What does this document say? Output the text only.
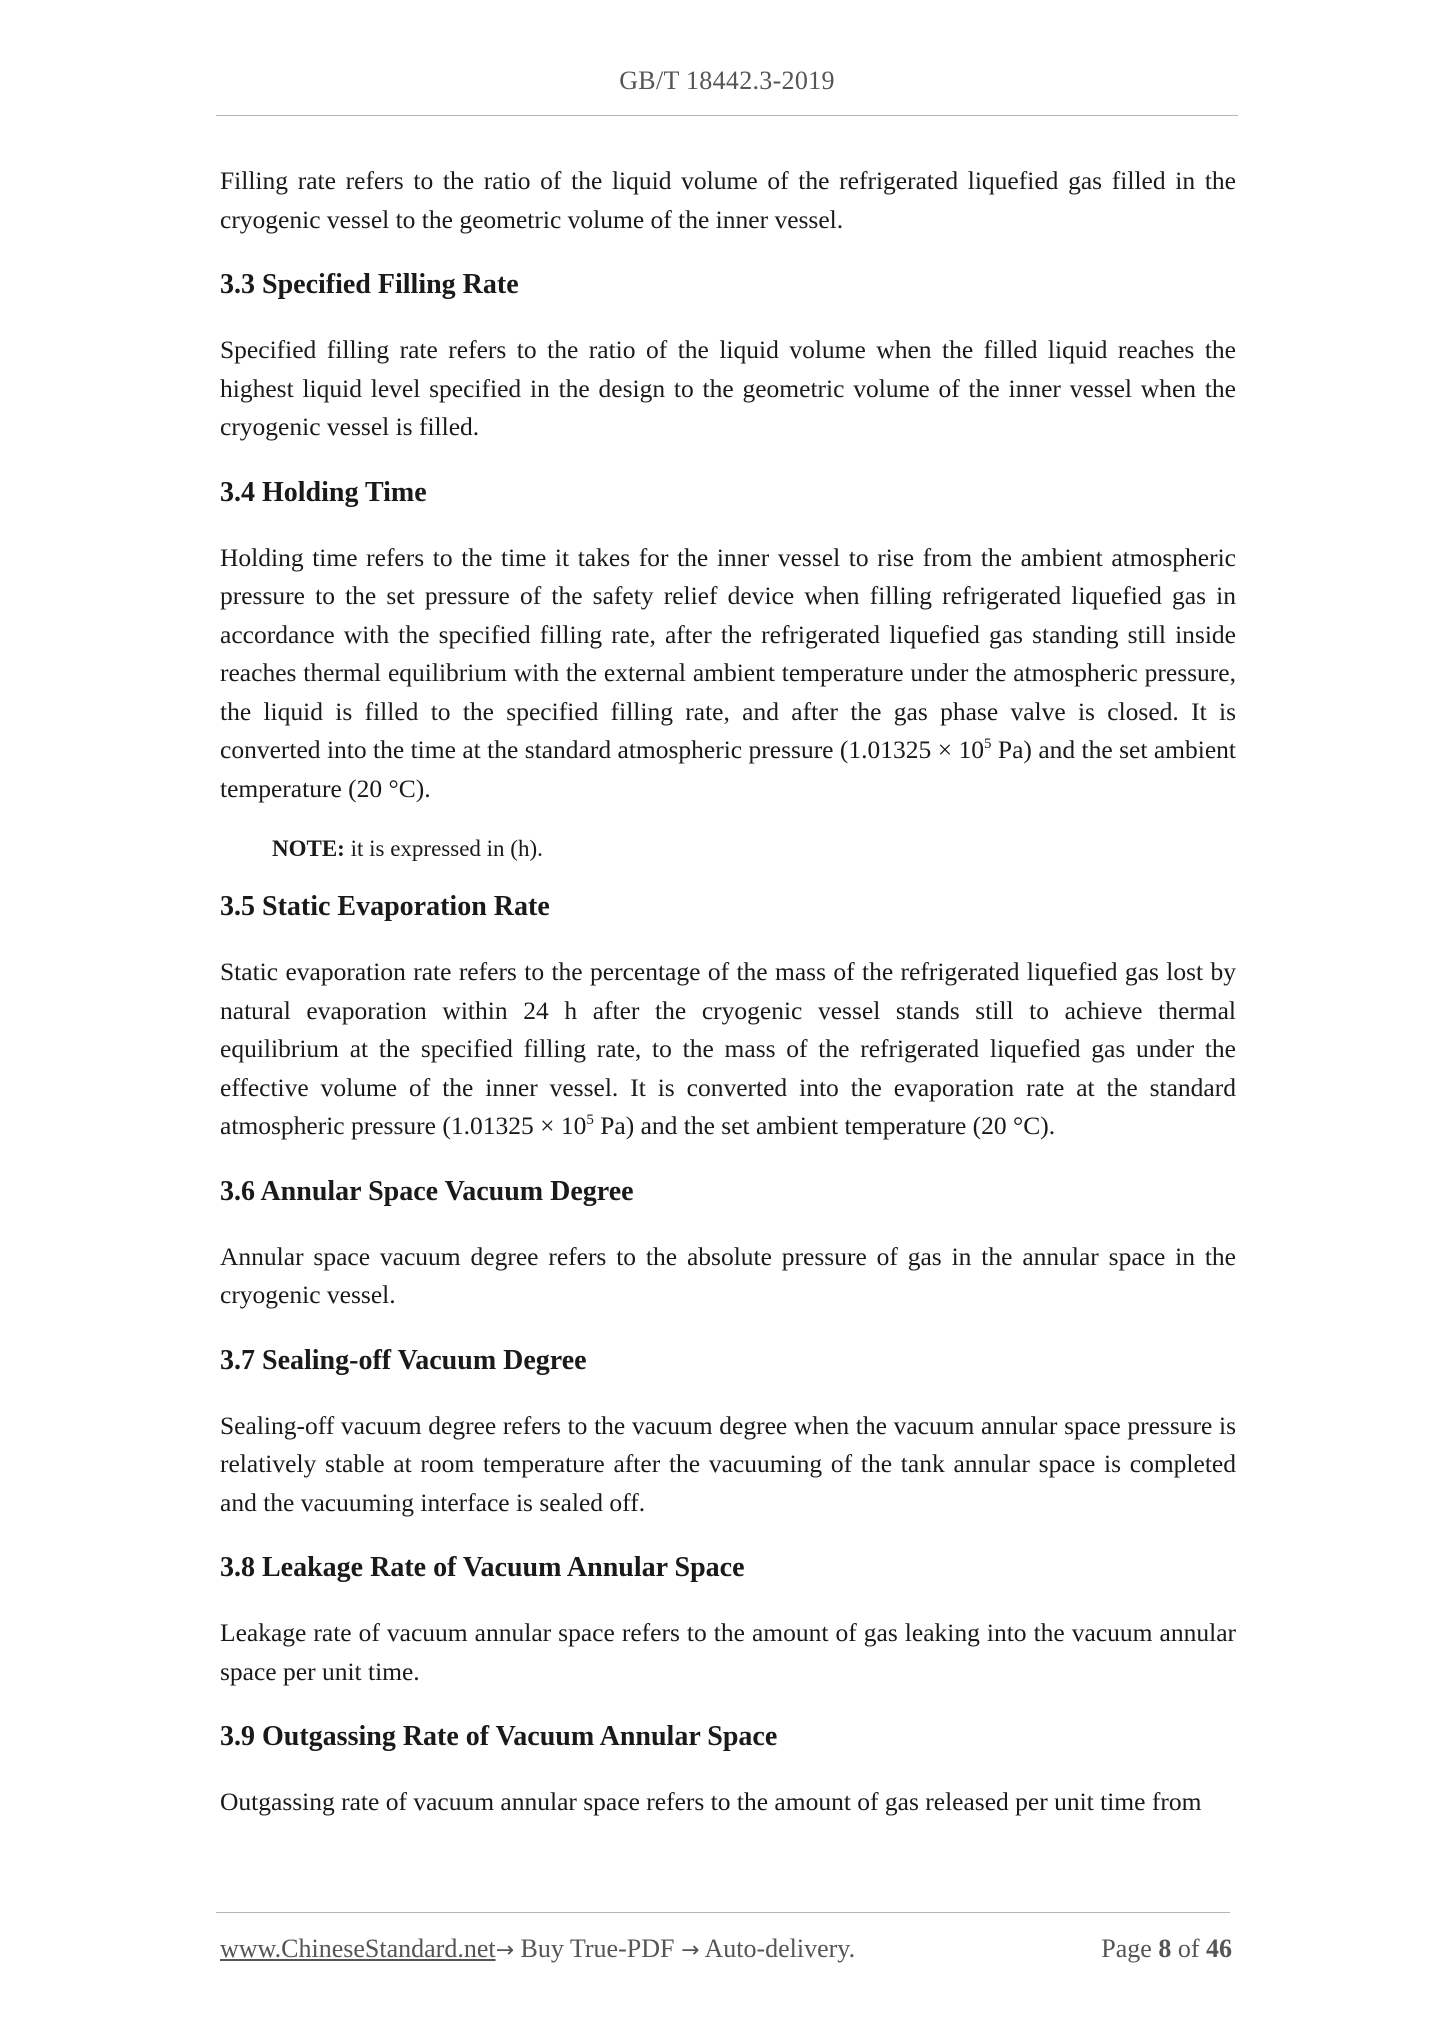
GB/T 18442.3-2019

Filling rate refers to the ratio of the liquid volume of the refrigerated liquefied gas filled in the cryogenic vessel to the geometric volume of the inner vessel.

3.3 Specified Filling Rate

Specified filling rate refers to the ratio of the liquid volume when the filled liquid reaches the highest liquid level specified in the design to the geometric volume of the inner vessel when the cryogenic vessel is filled.

3.4 Holding Time

Holding time refers to the time it takes for the inner vessel to rise from the ambient atmospheric pressure to the set pressure of the safety relief device when filling refrigerated liquefied gas in accordance with the specified filling rate, after the refrigerated liquefied gas standing still inside reaches thermal equilibrium with the external ambient temperature under the atmospheric pressure, the liquid is filled to the specified filling rate, and after the gas phase valve is closed. It is converted into the time at the standard atmospheric pressure ($1.01325 \times 10^5$ Pa) and the set ambient temperature (20 °C).

NOTE: it is expressed in (h).

3.5 Static Evaporation Rate

Static evaporation rate refers to the percentage of the mass of the refrigerated liquefied gas lost by natural evaporation within 24 h after the cryogenic vessel stands still to achieve thermal equilibrium at the specified filling rate, to the mass of the refrigerated liquefied gas under the effective volume of the inner vessel. It is converted into the evaporation rate at the standard atmospheric pressure ($1.01325 \times 10^5$ Pa) and the set ambient temperature (20 °C).

3.6 Annular Space Vacuum Degree

Annular space vacuum degree refers to the absolute pressure of gas in the annular space in the cryogenic vessel.

3.7 Sealing-off Vacuum Degree

Sealing-off vacuum degree refers to the vacuum degree when the vacuum annular space pressure is relatively stable at room temperature after the vacuuming of the tank annular space is completed and the vacuuming interface is sealed off.

3.8 Leakage Rate of Vacuum Annular Space

Leakage rate of vacuum annular space refers to the amount of gas leaking into the vacuum annular space per unit time.

3.9 Outgassing Rate of Vacuum Annular Space

Outgassing rate of vacuum annular space refers to the amount of gas released per unit time from

www.ChineseStandard.net→ Buy True-PDF → Auto-delivery.	Page 8 of 46
